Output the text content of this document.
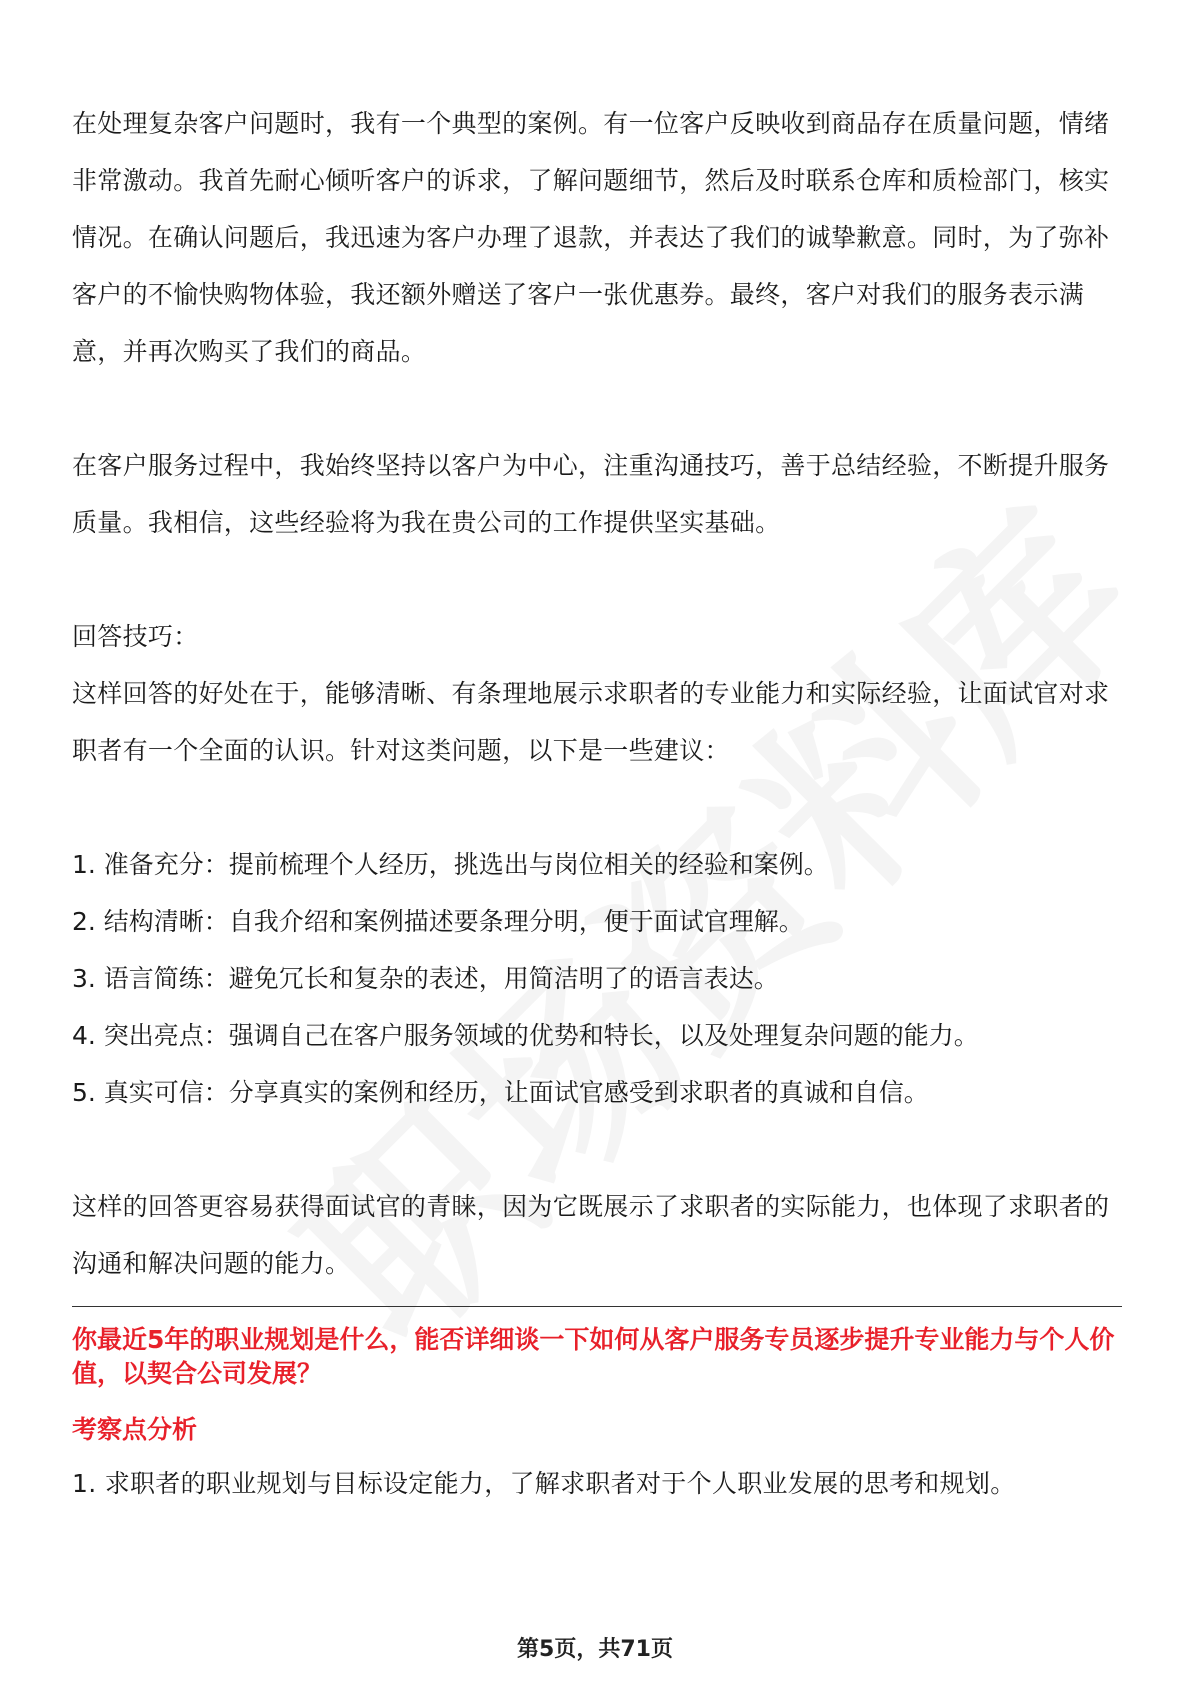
在处理复杂客户问题时，我有一个典型的案例。有一位客户反映收到商品存在质量问题，情绪非常激动。我首先耐心倾听客户的诉求，了解问题细节，然后及时联系仓库和质检部门，核实情况。在确认问题后，我迅速为客户办理了退款，并表达了我们的诚挚歉意。同时，为了弥补客户的不愉快购物体验，我还额外赠送了客户一张优惠券。最终，客户对我们的服务表示满意，并再次购买了我们的商品。

在客户服务过程中，我始终坚持以客户为中心，注重沟通技巧，善于总结经验，不断提升服务质量。我相信，这些经验将为我在贵公司的工作提供坚实基础。

回答技巧：

这样回答的好处在于，能够清晰、有条理地展示求职者的专业能力和实际经验，让面试官对求职者有一个全面的认识。针对这类问题，以下是一些建议：

1. 准备充分：提前梳理个人经历，挑选出与岗位相关的经验和案例。

2. 结构清晰：自我介绍和案例描述要条理分明，便于面试官理解。

3. 语言简练：避免冗长和复杂的表述，用简洁明了的语言表达。

4. 突出亮点：强调自己在客户服务领域的优势和特长，以及处理复杂问题的能力。

5. 真实可信：分享真实的案例和经历，让面试官感受到求职者的真诚和自信。

这样的回答更容易获得面试官的青睐，因为它既展示了求职者的实际能力，也体现了求职者的沟通和解决问题的能力。

你最近5年的职业规划是什么，能否详细谈一下如何从客户服务专员逐步提升专业能力与个人价值，以契合公司发展？

考察点分析

1. 求职者的职业规划与目标设定能力，了解求职者对于个人职业发展的思考和规划。

第5页，共71页
